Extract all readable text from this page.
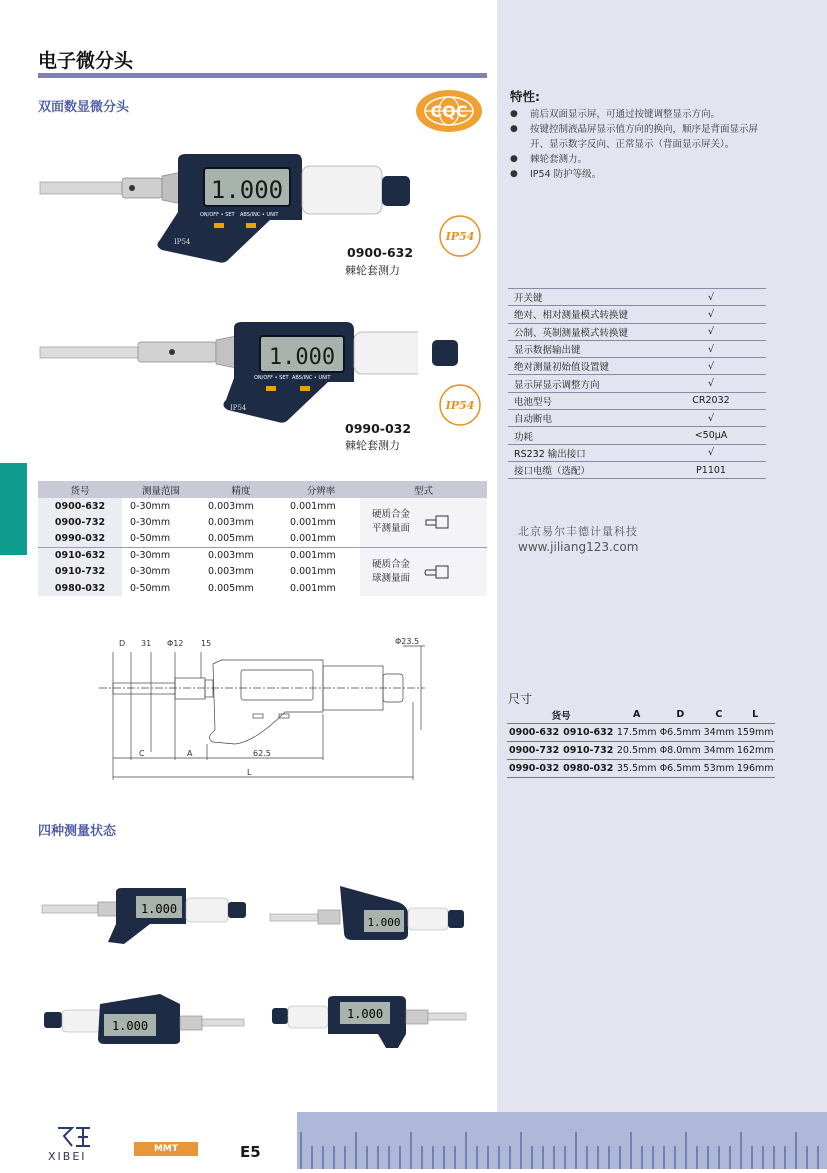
电子微分头
双面数显微分头	CQC
1.000
ON/OFF • SET ABS/INC • UNIT
IP54
0900-632
棘轮套测力
IP54
1.000
ON/OFF • SET ABS/INC • UNIT
IP54
0990-032
棘轮套测力
IP54
特性:
●	前后双面显示屏，可通过按键调整显示方向。
●	按键控制液晶屏显示值方向的换向，顺序是背面显示屏开、显示数字反向、正常显示（背面显示屏关）。
●	棘轮套测力。
●	IP54 防护等级。
开关键	√
绝对、相对测量模式转换键	√
公制、英制测量模式转换键	√
显示数据输出键	√
绝对测量初始值设置键	√
显示屏显示调整方向	√
电池型号	CR2032
自动断电	√
功耗	<50μA
RS232 输出接口	√
接口电缆（选配）	P1101
货号	测量范围	精度	分辨率	型式
0900-632	0-30mm	0.003mm	0.001mm	硬质合金
平测量面

0900-732	0-30mm	0.003mm	0.001mm	
0990-032	0-50mm	0.005mm	0.001mm	
0910-632	0-30mm	0.003mm	0.001mm	硬质合金
球测量面

0910-732	0-30mm	0.003mm	0.001mm	
0980-032	0-50mm	0.005mm	0.001mm	
北京易尔丰德计量科技
www.jiliang123.com
D 31 Φ12 15	Φ23.5
C	A	62.5
L
尺寸
货号		A	D	C	L
0900-632	0910-632	17.5mm	Φ6.5mm	34mm	159mm
0900-732	0910-732	20.5mm	Φ8.0mm	34mm	162mm
0990-032	0980-032	35.5mm	Φ6.5mm	53mm	196mm
四种测量状态
1.000
1.000
1.000
1.000
XIBEI
MMT	E5
